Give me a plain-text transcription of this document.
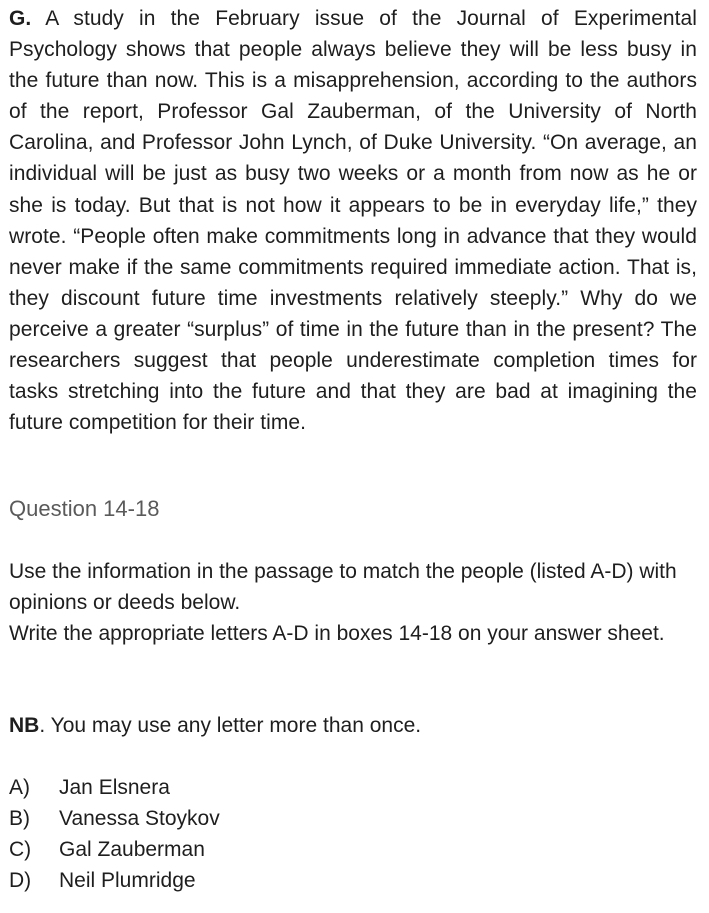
G. A study in the February issue of the Journal of Experimental Psychology shows that people always believe they will be less busy in the future than now. This is a misapprehension, according to the authors of the report, Professor Gal Zauberman, of the University of North Carolina, and Professor John Lynch, of Duke University. “On average, an individual will be just as busy two weeks or a month from now as he or she is today. But that is not how it appears to be in everyday life,” they wrote. “People often make commitments long in advance that they would never make if the same commitments required immediate action. That is, they discount future time investments relatively steeply.” Why do we perceive a greater “surplus” of time in the future than in the present? The researchers suggest that people underestimate completion times for tasks stretching into the future and that they are bad at imagining the future competition for their time.

Question 14-18

Use the information in the passage to match the people (listed A-D) with opinions or deeds below.

Write the appropriate letters A-D in boxes 14-18 on your answer sheet.

NB. You may use any letter more than once.

A)	Jan Elsnera
B)	Vanessa Stoykov
C)	Gal Zauberman
D)	Neil Plumridge
